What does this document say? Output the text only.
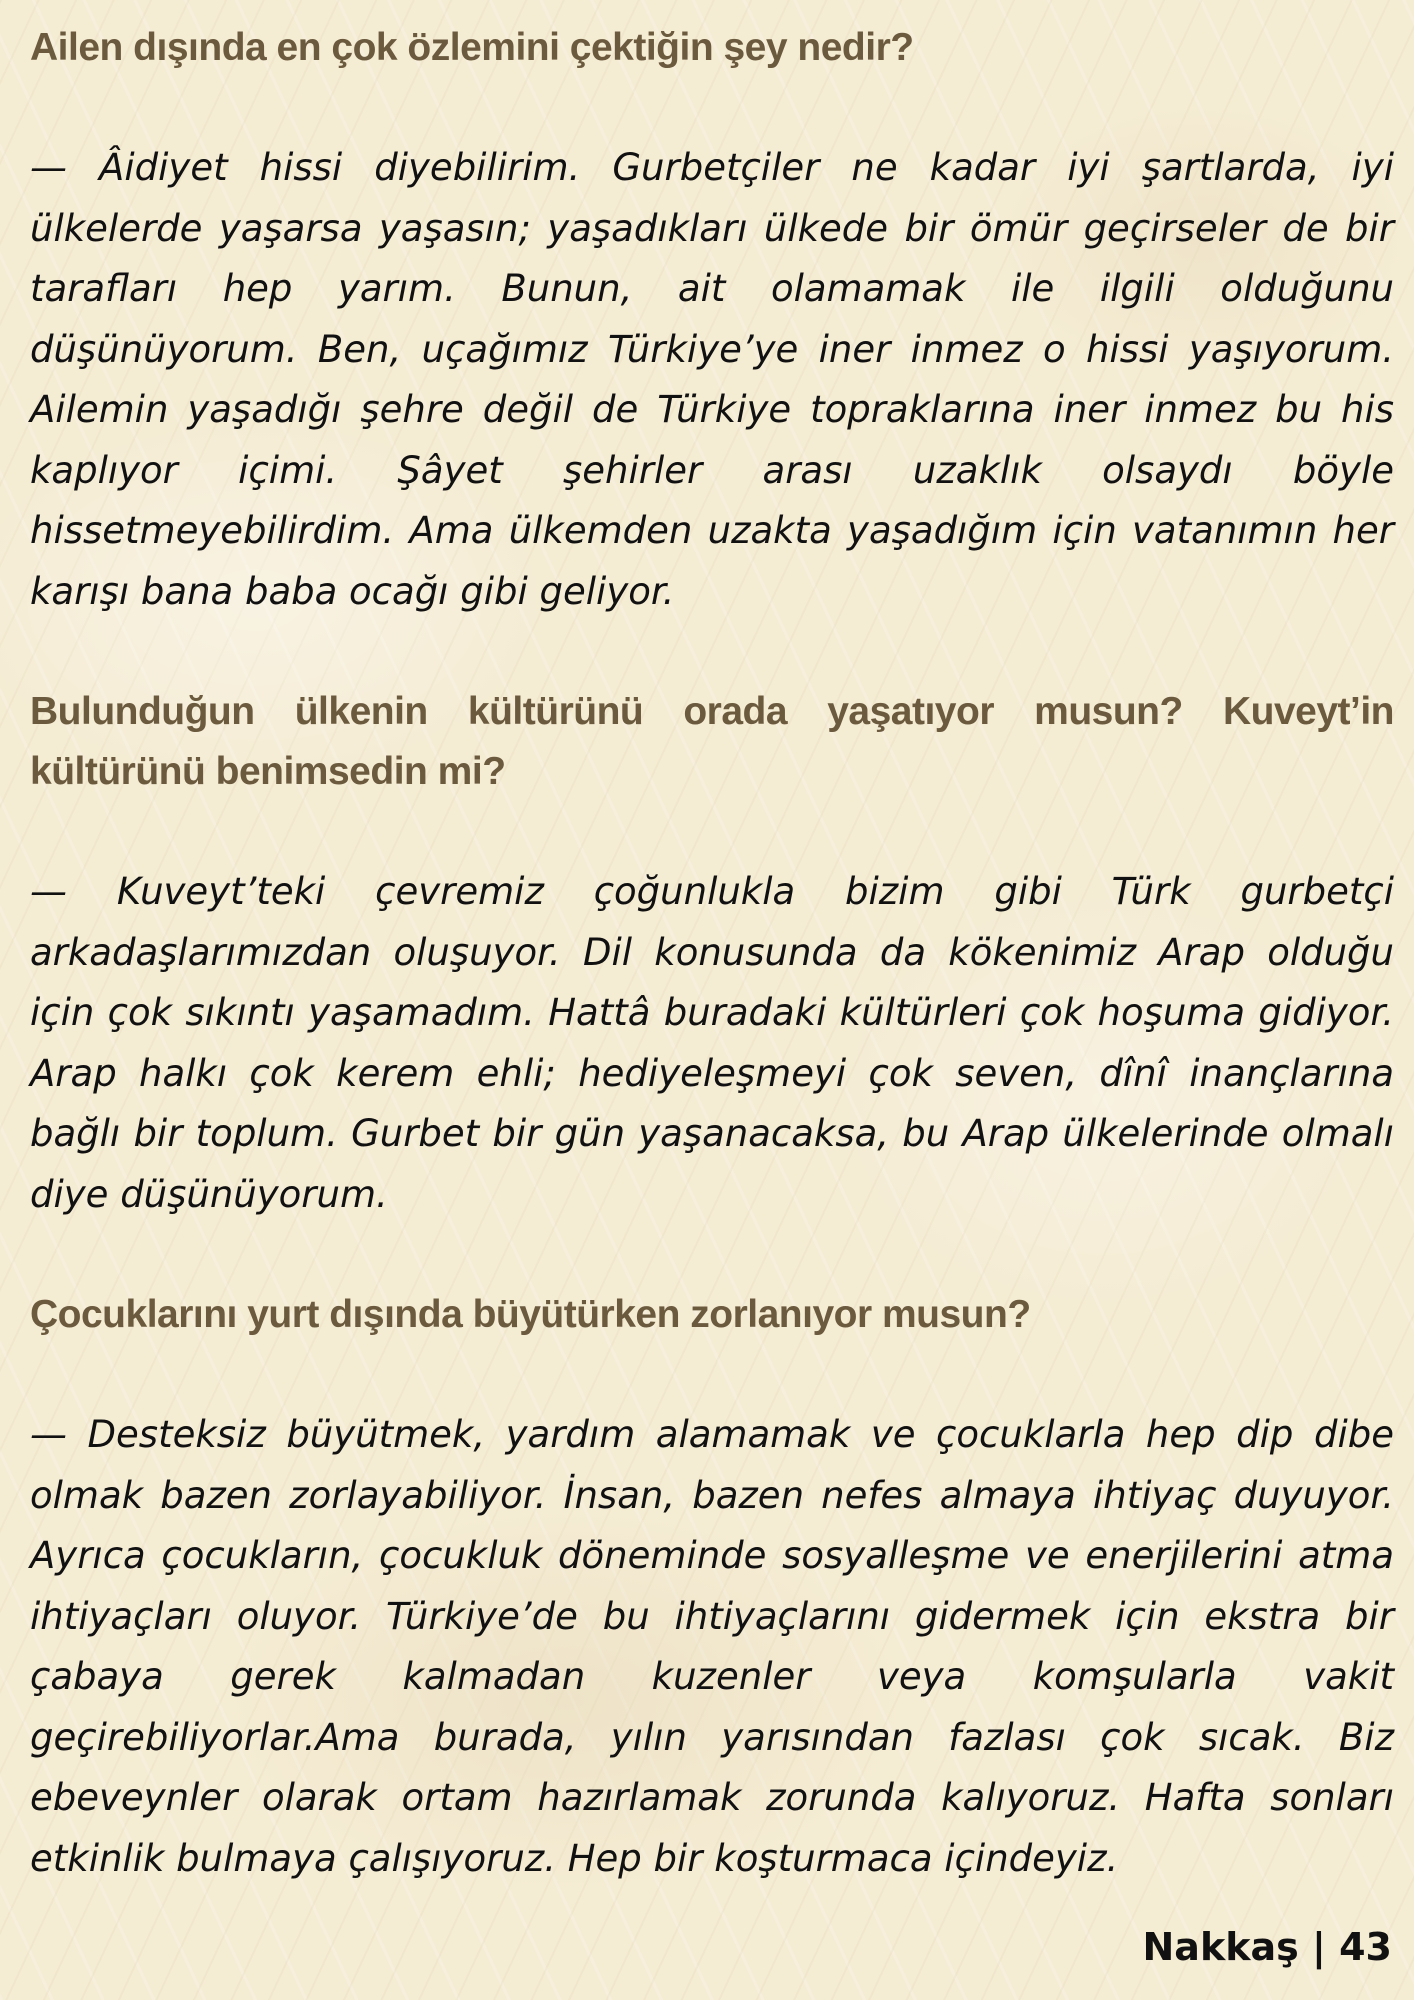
Ailen dışında en çok özlemini çektiğin şey nedir?

— Âidiyet hissi diyebilirim. Gurbetçiler ne kadar iyi şartlarda, iyi ülkelerde yaşarsa yaşasın; yaşadıkları ülkede bir ömür geçirseler de bir tarafları hep yarım. Bunun, ait olamamak ile ilgili olduğunu düşünüyorum. Ben, uçağımız Türkiye’ye iner inmez o hissi yaşıyorum. Ailemin yaşadığı şehre değil de Türkiye topraklarına iner inmez bu his kaplıyor içimi. Şâyet şehirler arası uzaklık olsaydı böyle hissetmeyebilirdim. Ama ülkemden uzakta yaşadığım için vatanımın her karışı bana baba ocağı gibi geliyor.

Bulunduğun ülkenin kültürünü orada yaşatıyor musun? Kuveyt’in kültürünü benimsedin mi?

— Kuveyt’teki çevremiz çoğunlukla bizim gibi Türk gurbetçi arkadaşlarımızdan oluşuyor. Dil konusunda da kökenimiz Arap olduğu için çok sıkıntı yaşamadım. Hattâ buradaki kültürleri çok hoşuma gidiyor. Arap halkı çok kerem ehli; hediyeleşmeyi çok seven, dînî inançlarına bağlı bir toplum. Gurbet bir gün yaşanacaksa, bu Arap ülkelerinde olmalı diye düşünüyorum.

Çocuklarını yurt dışında büyütürken zorlanıyor musun?

— Desteksiz büyütmek, yardım alamamak ve çocuklarla hep dip dibe olmak bazen zorlayabiliyor. İnsan, bazen nefes almaya ihtiyaç duyuyor. Ayrıca çocukların, çocukluk döneminde sosyalleşme ve enerjilerini atma ihtiyaçları oluyor. Türkiye’de bu ihtiyaçlarını gidermek için ekstra bir çabaya gerek kalmadan kuzenler veya komşularla vakit geçirebiliyorlar.Ama burada, yılın yarısından fazlası çok sıcak. Biz ebeveynler olarak ortam hazırlamak zorunda kalıyoruz. Hafta sonları etkinlik bulmaya çalışıyoruz. Hep bir koşturmaca içindeyiz.

Nakkaş | 43
